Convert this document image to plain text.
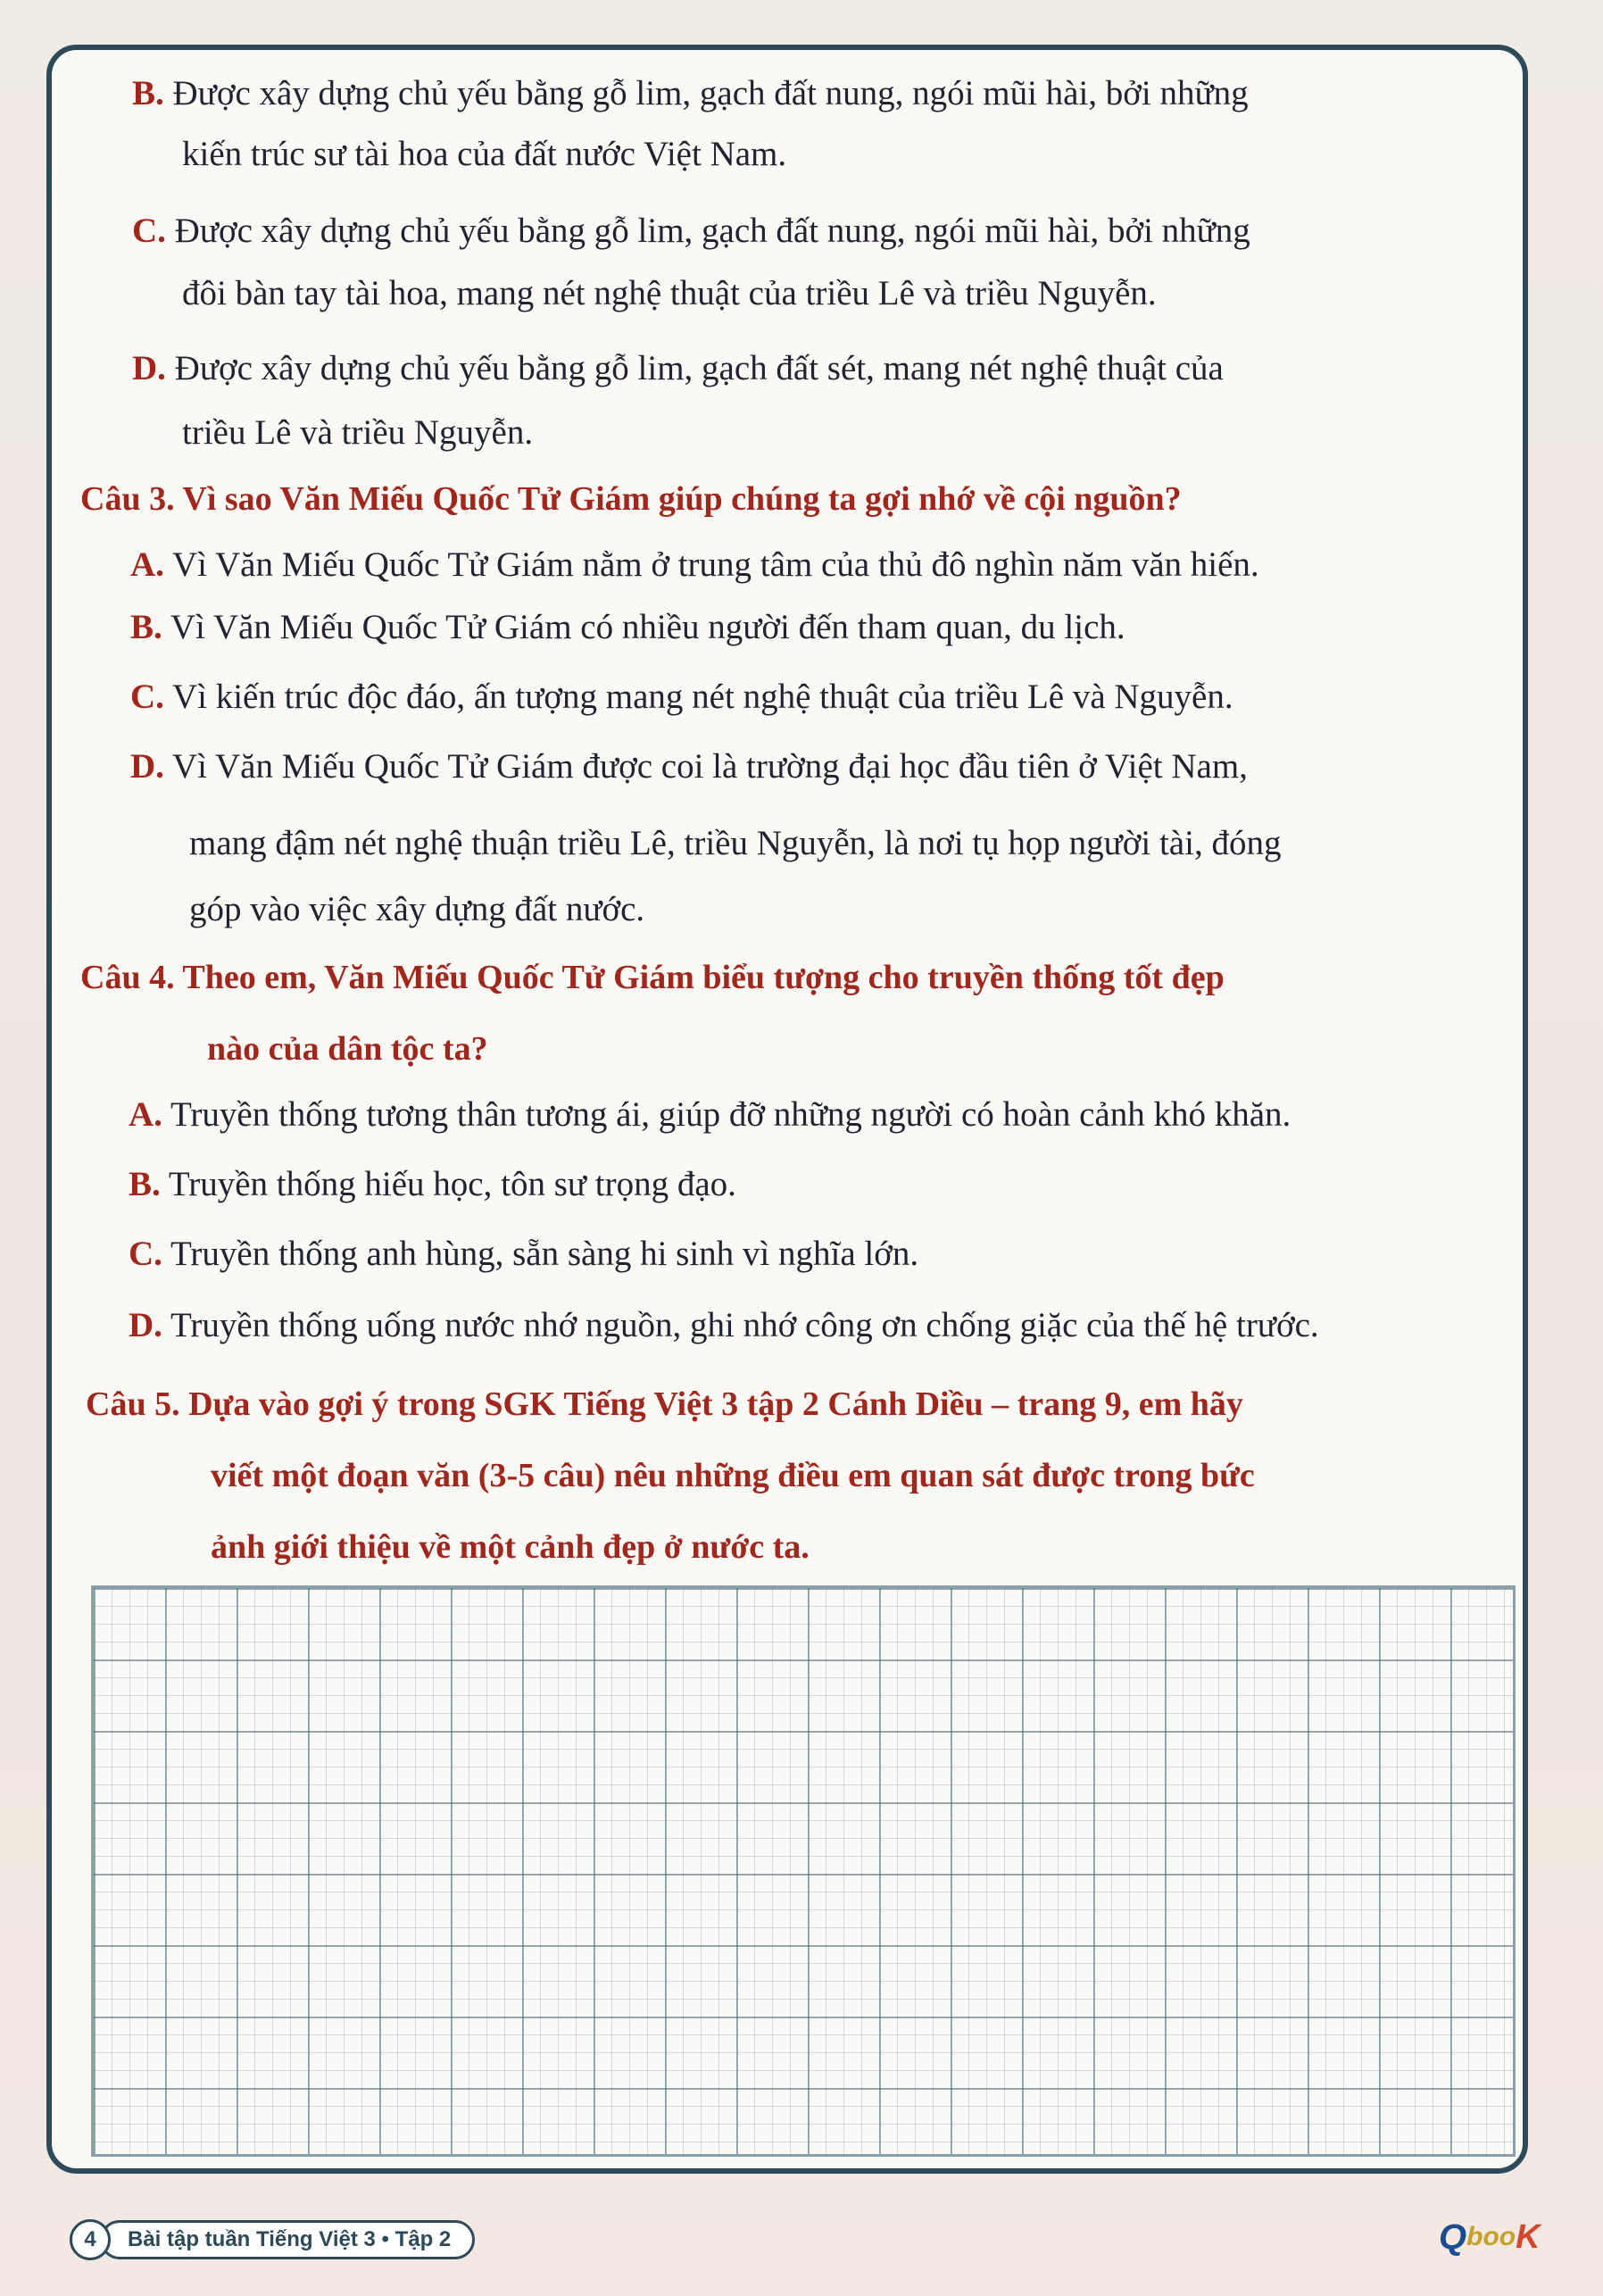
B. Được xây dựng chủ yếu bằng gỗ lim, gạch đất nung, ngói mũi hài, bởi những
kiến trúc sư tài hoa của đất nước Việt Nam.
C. Được xây dựng chủ yếu bằng gỗ lim, gạch đất nung, ngói mũi hài, bởi những
đôi bàn tay tài hoa, mang nét nghệ thuật của triều Lê và triều Nguyễn.
D. Được xây dựng chủ yếu bằng gỗ lim, gạch đất sét, mang nét nghệ thuật của
triều Lê và triều Nguyễn.
Câu 3. Vì sao Văn Miếu Quốc Tử Giám giúp chúng ta gợi nhớ về cội nguồn?
A. Vì Văn Miếu Quốc Tử Giám nằm ở trung tâm của thủ đô nghìn năm văn hiến.
B. Vì Văn Miếu Quốc Tử Giám có nhiều người đến tham quan, du lịch.
C. Vì kiến trúc độc đáo, ấn tượng mang nét nghệ thuật của triều Lê và Nguyễn.
D. Vì Văn Miếu Quốc Tử Giám được coi là trường đại học đầu tiên ở Việt Nam,
mang đậm nét nghệ thuận triều Lê, triều Nguyễn, là nơi tụ họp người tài, đóng
góp vào việc xây dựng đất nước.
Câu 4. Theo em, Văn Miếu Quốc Tử Giám biểu tượng cho truyền thống tốt đẹp
nào của dân tộc ta?
A. Truyền thống tương thân tương ái, giúp đỡ những người có hoàn cảnh khó khăn.
B. Truyền thống hiếu học, tôn sư trọng đạo.
C. Truyền thống anh hùng, sẵn sàng hi sinh vì nghĩa lớn.
D. Truyền thống uống nước nhớ nguồn, ghi nhớ công ơn chống giặc của thế hệ trước.
Câu 5. Dựa vào gợi ý trong SGK Tiếng Việt 3 tập 2 Cánh Diều – trang 9, em hãy
viết một đoạn văn (3-5 câu) nêu những điều em quan sát được trong bức
ảnh giới thiệu về một cảnh đẹp ở nước ta.
4	Bài tập tuần Tiếng Việt 3 • Tập 2	Q boo K
